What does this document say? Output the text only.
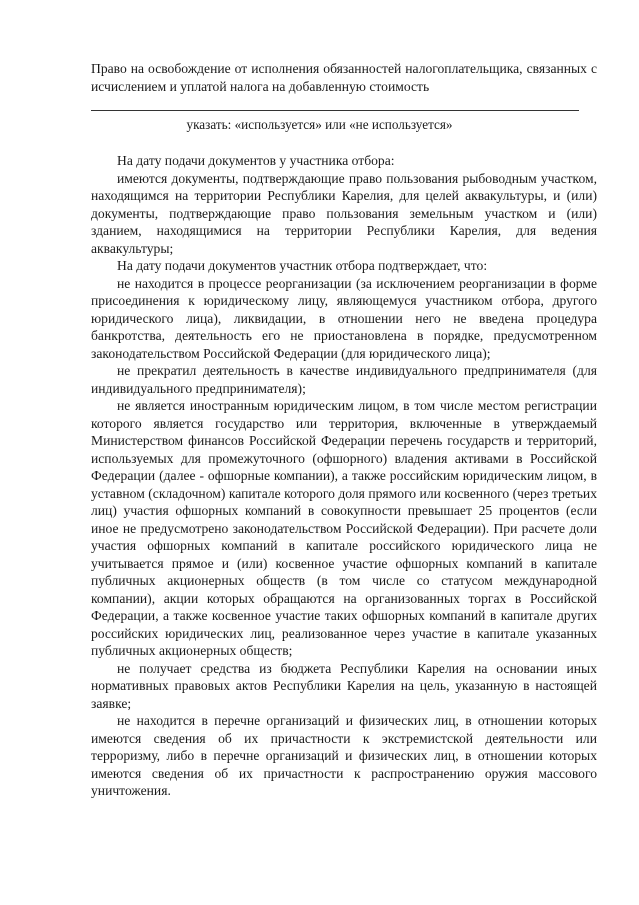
Право на освобождение от исполнения обязанностей налогоплательщика, связанных с исчислением и уплатой налога на добавленную стоимость

указать: «используется» или «не используется»

На дату подачи документов у участника отбора:

имеются документы, подтверждающие право пользования рыбоводным участком, находящимся на территории Республики Карелия, для целей аквакультуры, и (или) документы, подтверждающие право пользования земельным участком и (или) зданием, находящимися на территории Республики Карелия, для ведения аквакультуры;

На дату подачи документов участник отбора подтверждает, что:

не находится в процессе реорганизации (за исключением реорганизации в форме присоединения к юридическому лицу, являющемуся участником отбора, другого юридического лица), ликвидации, в отношении него не введена процедура банкротства, деятельность его не приостановлена в порядке, предусмотренном законодательством Российской Федерации (для юридического лица);

не прекратил деятельность в качестве индивидуального предпринимателя (для индивидуального предпринимателя);

не является иностранным юридическим лицом, в том числе местом регистрации которого является государство или территория, включенные в утверждаемый Министерством финансов Российской Федерации перечень государств и территорий, используемых для промежуточного (офшорного) владения активами в Российской Федерации (далее - офшорные компании), а также российским юридическим лицом, в уставном (складочном) капитале которого доля прямого или косвенного (через третьих лиц) участия офшорных компаний в совокупности превышает 25 процентов (если иное не предусмотрено законодательством Российской Федерации). При расчете доли участия офшорных компаний в капитале российского юридического лица не учитывается прямое и (или) косвенное участие офшорных компаний в капитале публичных акционерных обществ (в том числе со статусом международной компании), акции которых обращаются на организованных торгах в Российской Федерации, а также косвенное участие таких офшорных компаний в капитале других российских юридических лиц, реализованное через участие в капитале указанных публичных акционерных обществ;

не получает средства из бюджета Республики Карелия на основании иных нормативных правовых актов Республики Карелия на цель, указанную в настоящей заявке;

не находится в перечне организаций и физических лиц, в отношении которых имеются сведения об их причастности к экстремистской деятельности или терроризму, либо в перечне организаций и физических лиц, в отношении которых имеются сведения об их причастности к распространению оружия массового уничтожения.
